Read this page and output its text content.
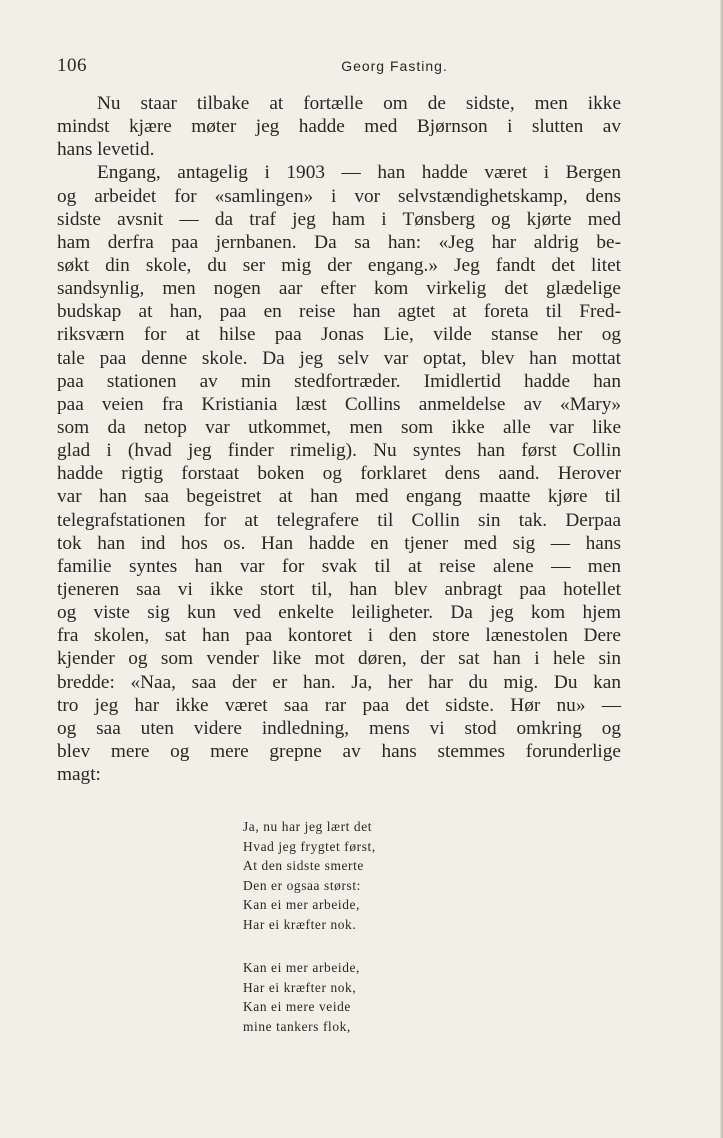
106	Georg Fasting.
Nu staar tilbake at fortælle om de sidste, men ikke
mindst kjære møter jeg hadde med Bjørnson i slutten av
hans levetid.
Engang, antagelig i 1903 — han hadde været i Bergen
og arbeidet for «samlingen» i vor selvstændighetskamp, dens
sidste avsnit — da traf jeg ham i Tønsberg og kjørte med
ham derfra paa jernbanen. Da sa han: «Jeg har aldrig be-
søkt din skole, du ser mig der engang.» Jeg fandt det litet
sandsynlig, men nogen aar efter kom virkelig det glædelige
budskap at han, paa en reise han agtet at foreta til Fred-
riksværn for at hilse paa Jonas Lie, vilde stanse her og
tale paa denne skole. Da jeg selv var optat, blev han mottat
paa stationen av min stedfortræder. Imidlertid hadde han
paa veien fra Kristiania læst Collins anmeldelse av «Mary»
som da netop var utkommet, men som ikke alle var like
glad i (hvad jeg finder rimelig). Nu syntes han først Collin
hadde rigtig forstaat boken og forklaret dens aand. Herover
var han saa begeistret at han med engang maatte kjøre til
telegrafstationen for at telegrafere til Collin sin tak. Derpaa
tok han ind hos os. Han hadde en tjener med sig — hans
familie syntes han var for svak til at reise alene — men
tjeneren saa vi ikke stort til, han blev anbragt paa hotellet
og viste sig kun ved enkelte leiligheter. Da jeg kom hjem
fra skolen, sat han paa kontoret i den store lænestolen Dere
kjender og som vender like mot døren, der sat han i hele sin
bredde: «Naa, saa der er han. Ja, her har du mig. Du kan
tro jeg har ikke været saa rar paa det sidste. Hør nu» —
og saa uten videre indledning, mens vi stod omkring og
blev mere og mere grepne av hans stemmes forunderlige
magt:
Ja, nu har jeg lært det
Hvad jeg frygtet først,
At den sidste smerte
Den er ogsaa størst:
Kan ei mer arbeide,
Har ei kræfter nok.
Kan ei mer arbeide,
Har ei kræfter nok,
Kan ei mere veide
mine tankers flok,
